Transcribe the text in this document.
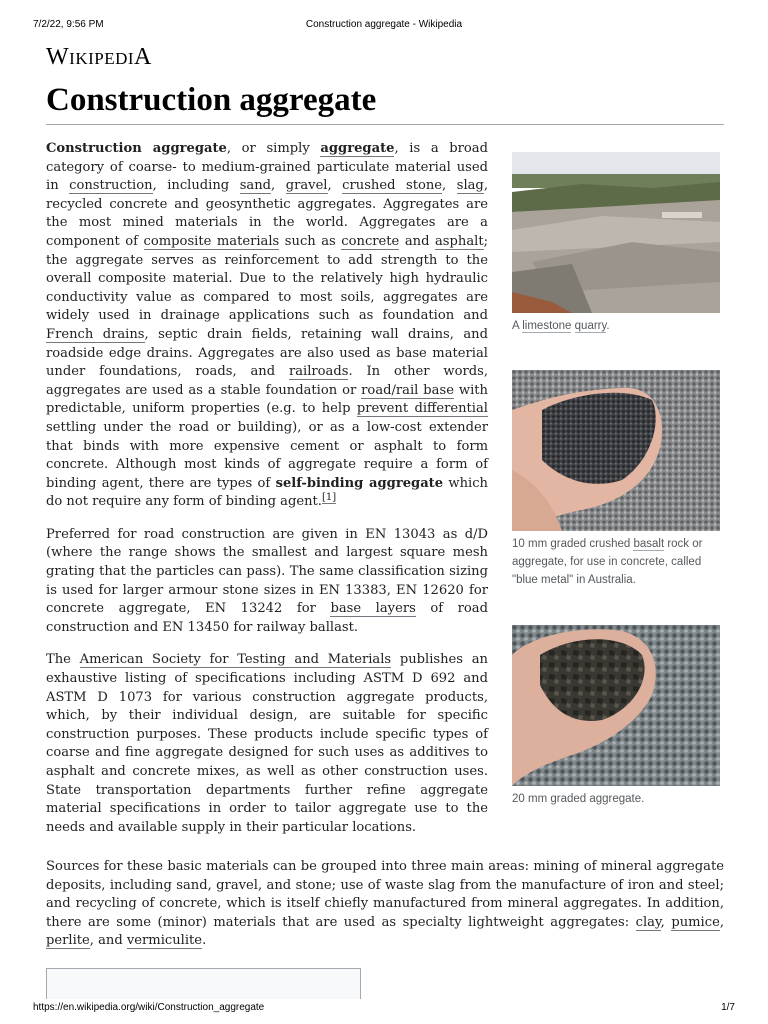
7/2/22, 9:56 PM	Construction aggregate - Wikipedia
WIKIPEDIA
Construction aggregate

Construction aggregate, or simply aggregate, is a broad category of coarse- to medium-grained particulate material used in construction, including sand, gravel, crushed stone, slag, recycled concrete and geosynthetic aggregates. Aggregates are the most mined materials in the world. Aggregates are a component of composite materials such as concrete and asphalt; the aggregate serves as reinforcement to add strength to the overall composite material. Due to the relatively high hydraulic conductivity value as compared to most soils, aggregates are widely used in drainage applications such as foundation and French drains, septic drain fields, retaining wall drains, and roadside edge drains. Aggregates are also used as base material under foundations, roads, and railroads. In other words, aggregates are used as a stable foundation or road/rail base with predictable, uniform properties (e.g. to help prevent differential settling under the road or building), or as a low-cost extender that binds with more expensive cement or asphalt to form concrete. Although most kinds of aggregate require a form of binding agent, there are types of self-binding aggregate which do not require any form of binding agent.[1]

Preferred for road construction are given in EN 13043 as d/D (where the range shows the smallest and largest square mesh grating that the particles can pass). The same classification sizing is used for larger armour stone sizes in EN 13383, EN 12620 for concrete aggregate, EN 13242 for base layers of road construction and EN 13450 for railway ballast.

The American Society for Testing and Materials publishes an exhaustive listing of specifications including ASTM D 692 and ASTM D 1073 for various construction aggregate products, which, by their individual design, are suitable for specific construction purposes. These products include specific types of coarse and fine aggregate designed for such uses as additives to asphalt and concrete mixes, as well as other construction uses. State transportation departments further refine aggregate material specifications in order to tailor aggregate use to the needs and available supply in their particular locations.

Sources for these basic materials can be grouped into three main areas: mining of mineral aggregate deposits, including sand, gravel, and stone; use of waste slag from the manufacture of iron and steel; and recycling of concrete, which is itself chiefly manufactured from mineral aggregates. In addition, there are some (minor) materials that are used as specialty lightweight aggregates: clay, pumice, perlite, and vermiculite.

A limestone quarry.
10 mm graded crushed basalt rock or aggregate, for use in concrete, called "blue metal" in Australia.
20 mm graded aggregate.
https://en.wikipedia.org/wiki/Construction_aggregate	1/7
